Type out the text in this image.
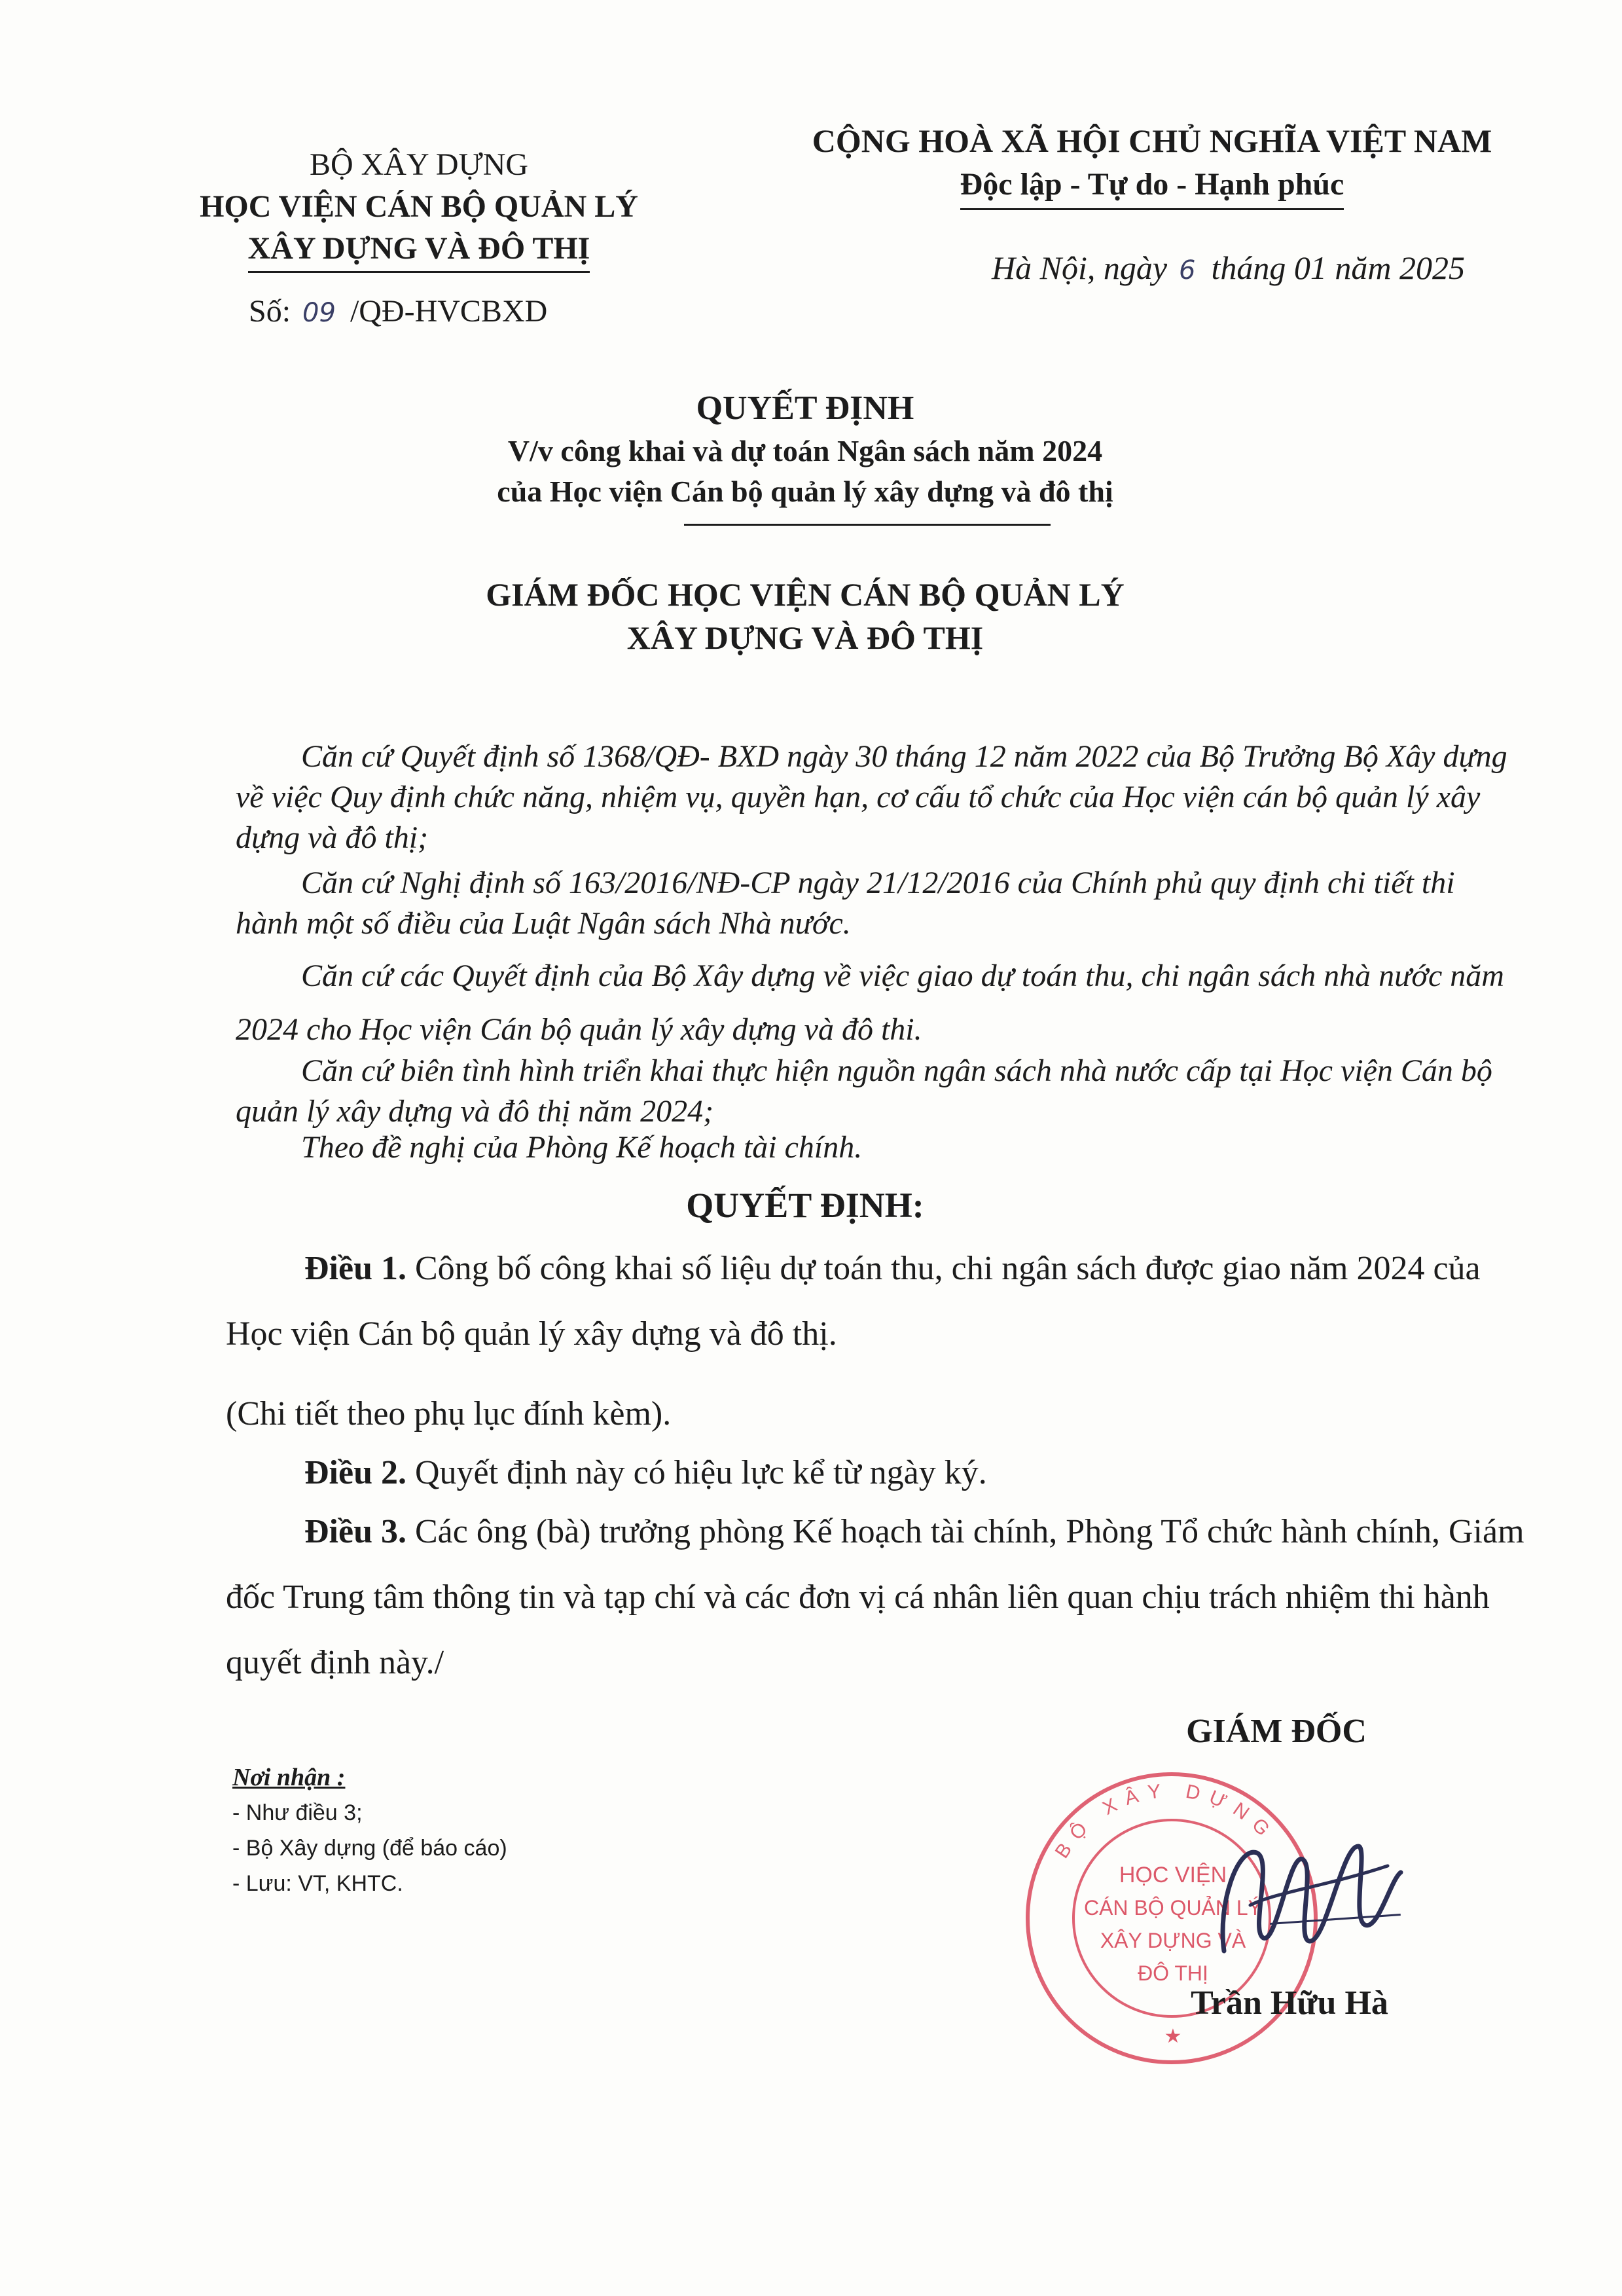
BỘ XÂY DỰNG
HỌC VIỆN CÁN BỘ QUẢN LÝ
XÂY DỰNG VÀ ĐÔ THỊ
Số: 09 /QĐ-HVCBXD
CỘNG HOÀ XÃ HỘI CHỦ NGHĨA VIỆT NAM
Độc lập - Tự do - Hạnh phúc
Hà Nội, ngày 6 tháng 01 năm 2025
QUYẾT ĐỊNH
V/v công khai và dự toán Ngân sách năm 2024
của Học viện Cán bộ quản lý xây dựng và đô thị
GIÁM ĐỐC HỌC VIỆN CÁN BỘ QUẢN LÝ
XÂY DỰNG VÀ ĐÔ THỊ

Căn cứ Quyết định số 1368/QĐ- BXD ngày 30 tháng 12 năm 2022 của Bộ Trưởng Bộ Xây dựng về việc Quy định chức năng, nhiệm vụ, quyền hạn, cơ cấu tổ chức của Học viện cán bộ quản lý xây dựng và đô thị;

Căn cứ Nghị định số 163/2016/NĐ-CP ngày 21/12/2016 của Chính phủ quy định chi tiết thi hành một số điều của Luật Ngân sách Nhà nước.

Căn cứ các Quyết định của Bộ Xây dựng về việc giao dự toán thu, chi ngân sách nhà nước năm 2024 cho Học viện Cán bộ quản lý xây dựng và đô thi.

Căn cứ biên tình hình triển khai thực hiện nguồn ngân sách nhà nước cấp tại Học viện Cán bộ quản lý xây dựng và đô thị năm 2024;

Theo đề nghị của Phòng Kế hoạch tài chính.

QUYẾT ĐỊNH:

Điều 1. Công bố công khai số liệu dự toán thu, chi ngân sách được giao năm 2024 của Học viện Cán bộ quản lý xây dựng và đô thị.

(Chi tiết theo phụ lục đính kèm).

Điều 2. Quyết định này có hiệu lực kể từ ngày ký.

Điều 3. Các ông (bà) trưởng phòng Kế hoạch tài chính, Phòng Tổ chức hành chính, Giám đốc Trung tâm thông tin và tạp chí và các đơn vị cá nhân liên quan chịu trách nhiệm thi hành quyết định này./

Nơi nhận :
- Như điều 3;
- Bộ Xây dựng (để báo cáo)
- Lưu: VT, KHTC.
GIÁM ĐỐC
BỘ XÂY DỰNG
HỌC VIỆN
CÁN BỘ QUẢN LÝ
XÂY DỰNG VÀ
ĐÔ THỊ
★
Trần Hữu Hà
